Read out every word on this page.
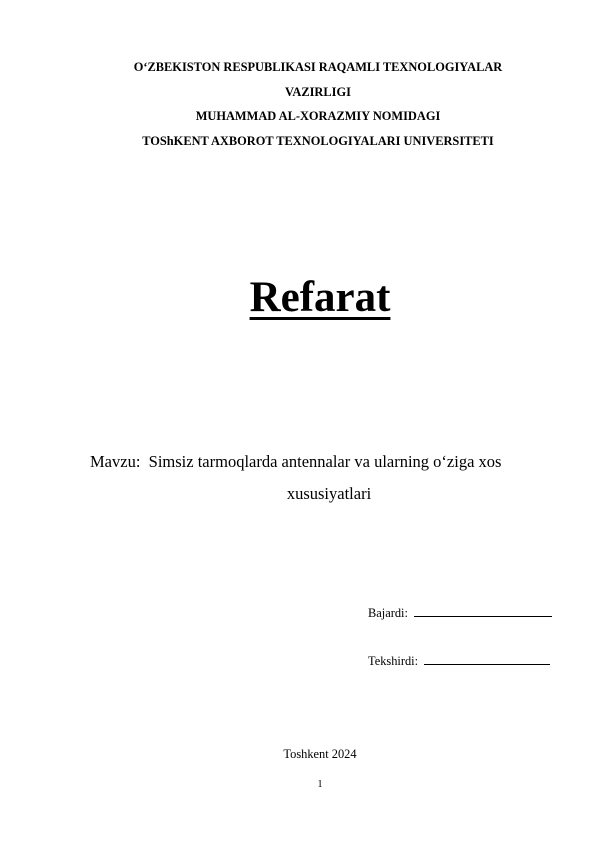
O‘ZBEKISTON RESPUBLIKASI RAQAMLI TEXNOLOGIYALAR
VAZIRLIGI
MUHAMMAD AL-XORAZMIY NOMIDAGI
TOShKENT AXBOROT TEXNOLOGIYALARI UNIVERSITETI
Refarat
Mavzu:  Simsiz tarmoqlarda antennalar va ularning o‘ziga xos
xususiyatlari
Bajardi:
Tekshirdi:
Toshkent 2024
1
